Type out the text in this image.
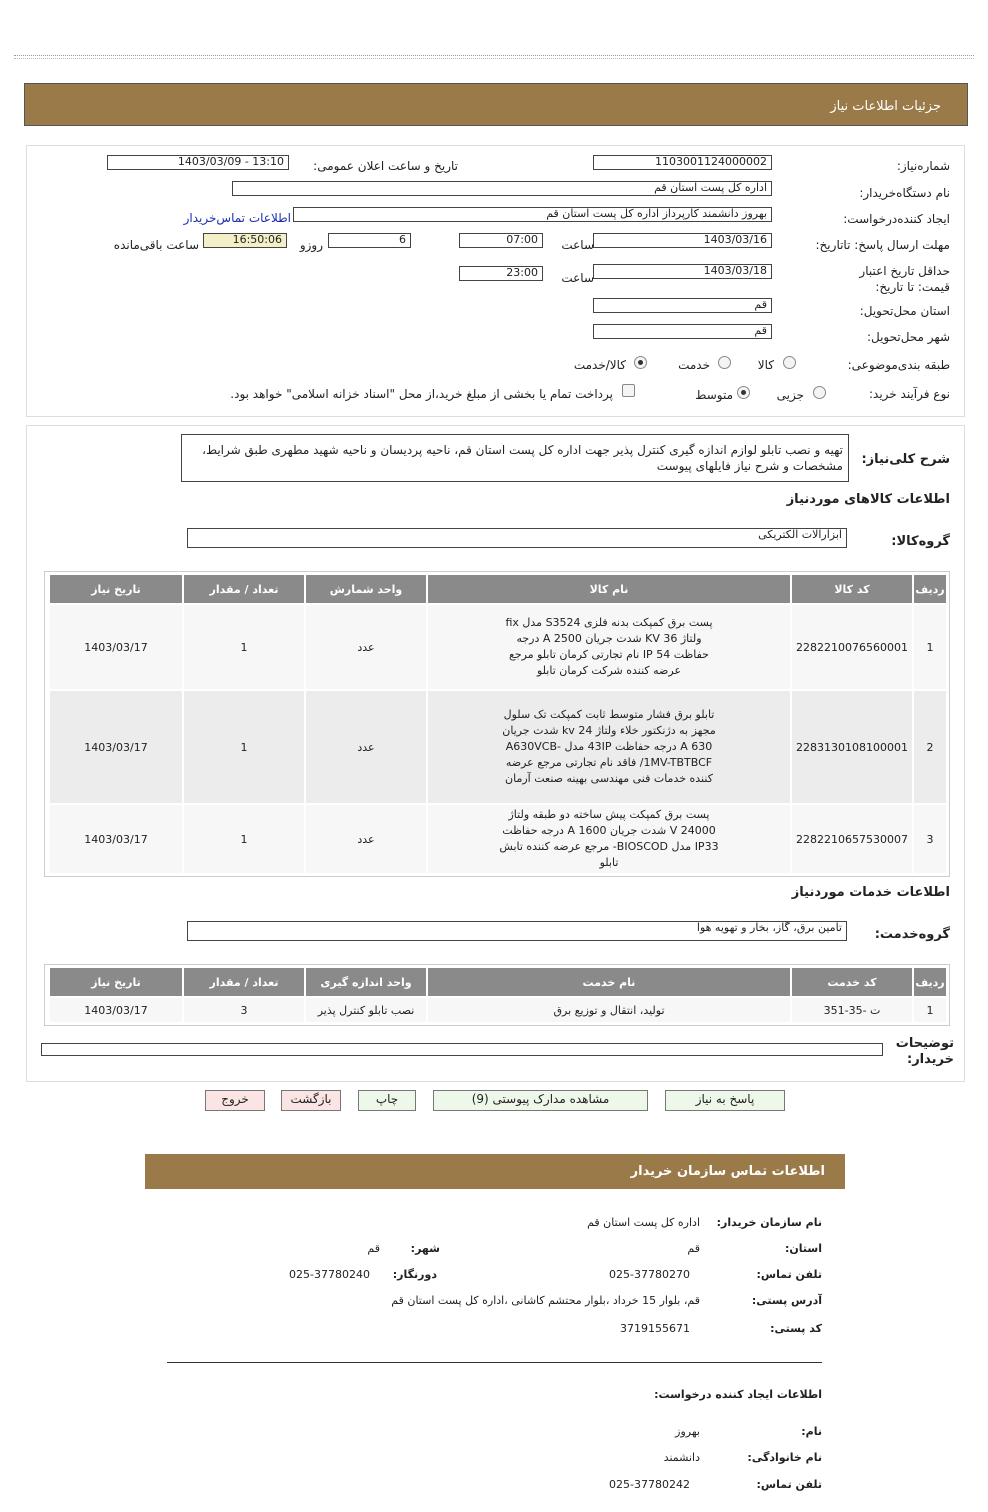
جزئیات اطلاعات نیاز
شماره‌نیاز:
1103001124000002
تاریخ و ساعت اعلان عمومی:
1403/03/09 - 13:10
نام دستگاه‌خریدار:
اداره کل پست استان قم
ایجاد کننده‌درخواست:
بهروز دانشمند کارپرداز اداره کل پست استان قم
اطلاعات تماس‌خریدار
مهلت ارسال پاسخ: تاتاریخ:
1403/03/16
ساعت
07:00
6
روزو
16:50:06
ساعت باقی‌مانده
حداقل تاریخ اعتبار قیمت: تا تاریخ:
1403/03/18
ساعت
23:00
استان محل‌تحویل:
قم
شهر محل‌تحویل:
قم
طبقه بندی‌موضوعی:
کالا
خدمت
کالا/خدمت
نوع فرآیند خرید:
جزیی
متوسط
پرداخت تمام یا بخشی از مبلغ خرید،از محل "اسناد خزانه اسلامی" خواهد بود.
شرح کلی‌نیاز:
تهیه و نصب تابلو لوازم اندازه گیری کنترل پذیر جهت اداره کل پست استان قم، ناحیه پردیسان و ناحیه شهید مطهری طبق شرایط، مشخصات و شرح نیاز فایلهای پیوست
اطلاعات کالاهای موردنیاز
گروه‌کالا:
ابزارالات الکتریکی
ردیف	کد کالا	نام کالا	واحد شمارش	تعداد / مقدار	تاریخ نیاز
1	2282210076560001	پست برق کمپکت بدنه فلزی S3524 مدل fix ولتاژ 36 KV شدت جریان 2500 A درجه حفاظت 54 IP نام تجارتی کرمان تابلو مرجع عرضه کننده شرکت کرمان تابلو	عدد	1	1403/03/17
2	2283130108100001	تابلو برق فشار متوسط ثابت کمپکت تک سلول مجهز به دژنکتور خلاء ولتاژ 24 kv شدت جریان 630 A درجه حفاظت 43IP مدل A630VCB-1MV-TBTBCF/ فاقد نام تجارتی مرجع عرضه کننده خدمات فنی مهندسی بهینه صنعت آرمان	عدد	1	1403/03/17
3	2282210657530007	پست برق کمپکت پیش ساخته دو طبقه ولتاژ 24000 V شدت جریان 1600 A درجه حفاظت IP33 مدل BIOSCOD- مرجع عرضه کننده تابش تابلو	عدد	1	1403/03/17
اطلاعات خدمات موردنیاز
گروه‌خدمت:
تامین برق، گاز، بخار و تهویه هوا
ردیف	کد خدمت	نام خدمت	واحد اندازه گیری	تعداد / مقدار	تاریخ نیاز
1	ت -35-351	تولید، انتقال و توزیع برق	نصب تابلو کنترل پذیر	3	1403/03/17
توضیحات خریدار:
پاسخ به نیاز
مشاهده مدارک پیوستی (9)
چاپ
بازگشت
خروج
اطلاعات تماس سازمان خریدار
نام سازمان خریدار:
اداره کل پست استان قم
استان:
قم
شهر:
قم
تلفن تماس:
025-37780270
دورنگار:
025-37780240
آدرس پستی:
قم، بلوار 15 خرداد ،بلوار محتشم کاشانی ،اداره کل پست استان قم
کد پستی:
3719155671
اطلاعات ایجاد کننده درخواست:
نام:
بهروز
نام خانوادگی:
دانشمند
تلفن تماس:
025-37780242
